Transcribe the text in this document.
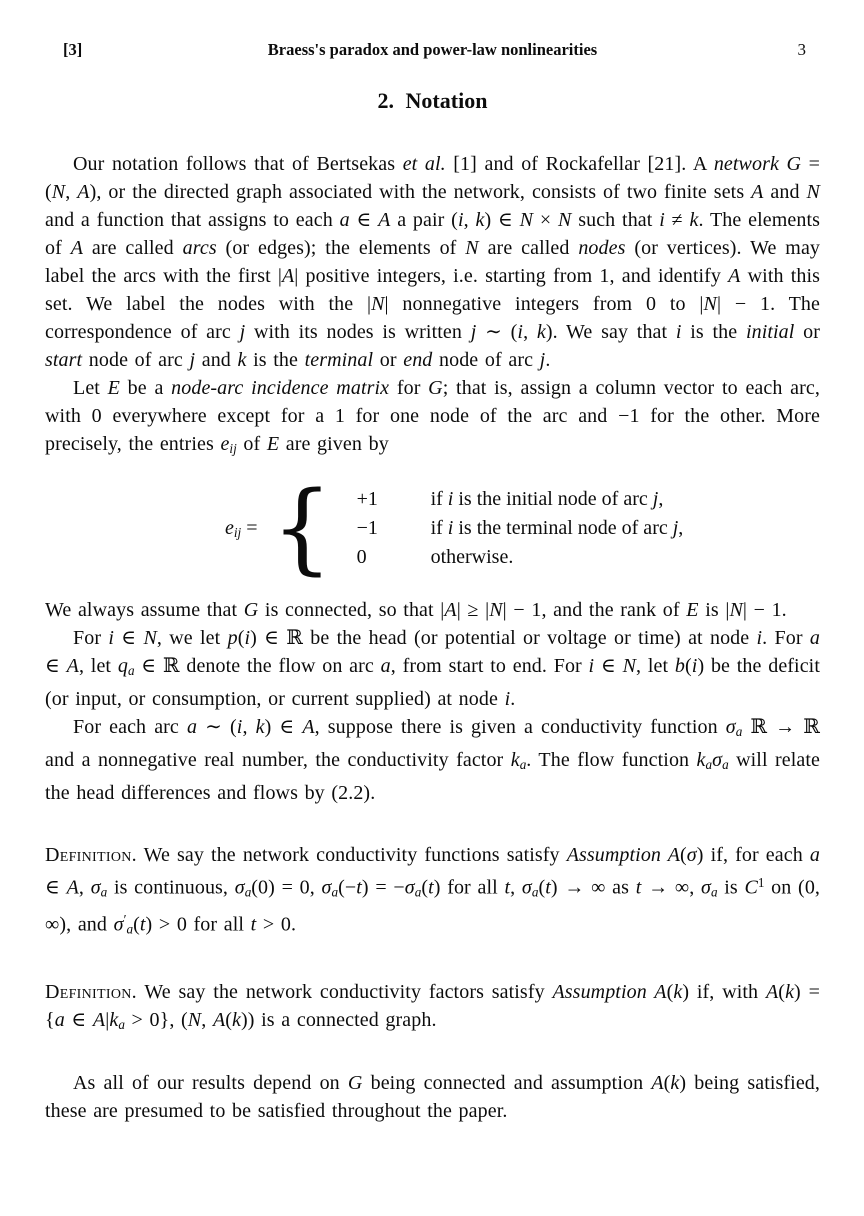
[3]	Braess's paradox and power-law nonlinearities	3
2. Notation

Our notation follows that of Bertsekas et al. [1] and of Rockafellar [21]. A network G = (N, A), or the directed graph associated with the network, consists of two finite sets A and N and a function that assigns to each a ∈ A a pair (i, k) ∈ N × N such that i ≠ k. The elements of A are called arcs (or edges); the elements of N are called nodes (or vertices). We may label the arcs with the first |A| positive integers, i.e. starting from 1, and identify A with this set. We label the nodes with the |N| nonnegative integers from 0 to |N| − 1. The correspondence of arc j with its nodes is written j ∼ (i, k). We say that i is the initial or start node of arc j and k is the terminal or end node of arc j.

Let E be a node-arc incidence matrix for G; that is, assign a column vector to each arc, with 0 everywhere except for a 1 for one node of the arc and −1 for the other. More precisely, the entries eij of E are given by

eij = { +1	if i is the initial node of arc j,
−1	if i is the terminal node of arc j,
0	otherwise.

We always assume that G is connected, so that |A| ≥ |N| − 1, and the rank of E is |N| − 1.

For i ∈ N, we let p(i) ∈ ℝ be the head (or potential or voltage or time) at node i. For a ∈ A, let qa ∈ ℝ denote the flow on arc a, from start to end. For i ∈ N, let b(i) be the deficit (or input, or consumption, or current supplied) at node i.

For each arc a ∼ (i, k) ∈ A, suppose there is given a conductivity function σa ℝ → ℝ and a nonnegative real number, the conductivity factor ka. The flow function kaσa will relate the head differences and flows by (2.2).

Definition. We say the network conductivity functions satisfy Assumption A(σ) if, for each a ∈ A, σa is continuous, σa(0) = 0, σa(−t) = −σa(t) for all t, σa(t) → ∞ as t → ∞, σa is $C^1$ on (0, ∞), and σ′a(t) > 0 for all t > 0.

Definition. We say the network conductivity factors satisfy Assumption A(k) if, with A(k) = {a ∈ A|ka > 0}, (N, A(k)) is a connected graph.

As all of our results depend on G being connected and assumption A(k) being satisfied, these are presumed to be satisfied throughout the paper.
